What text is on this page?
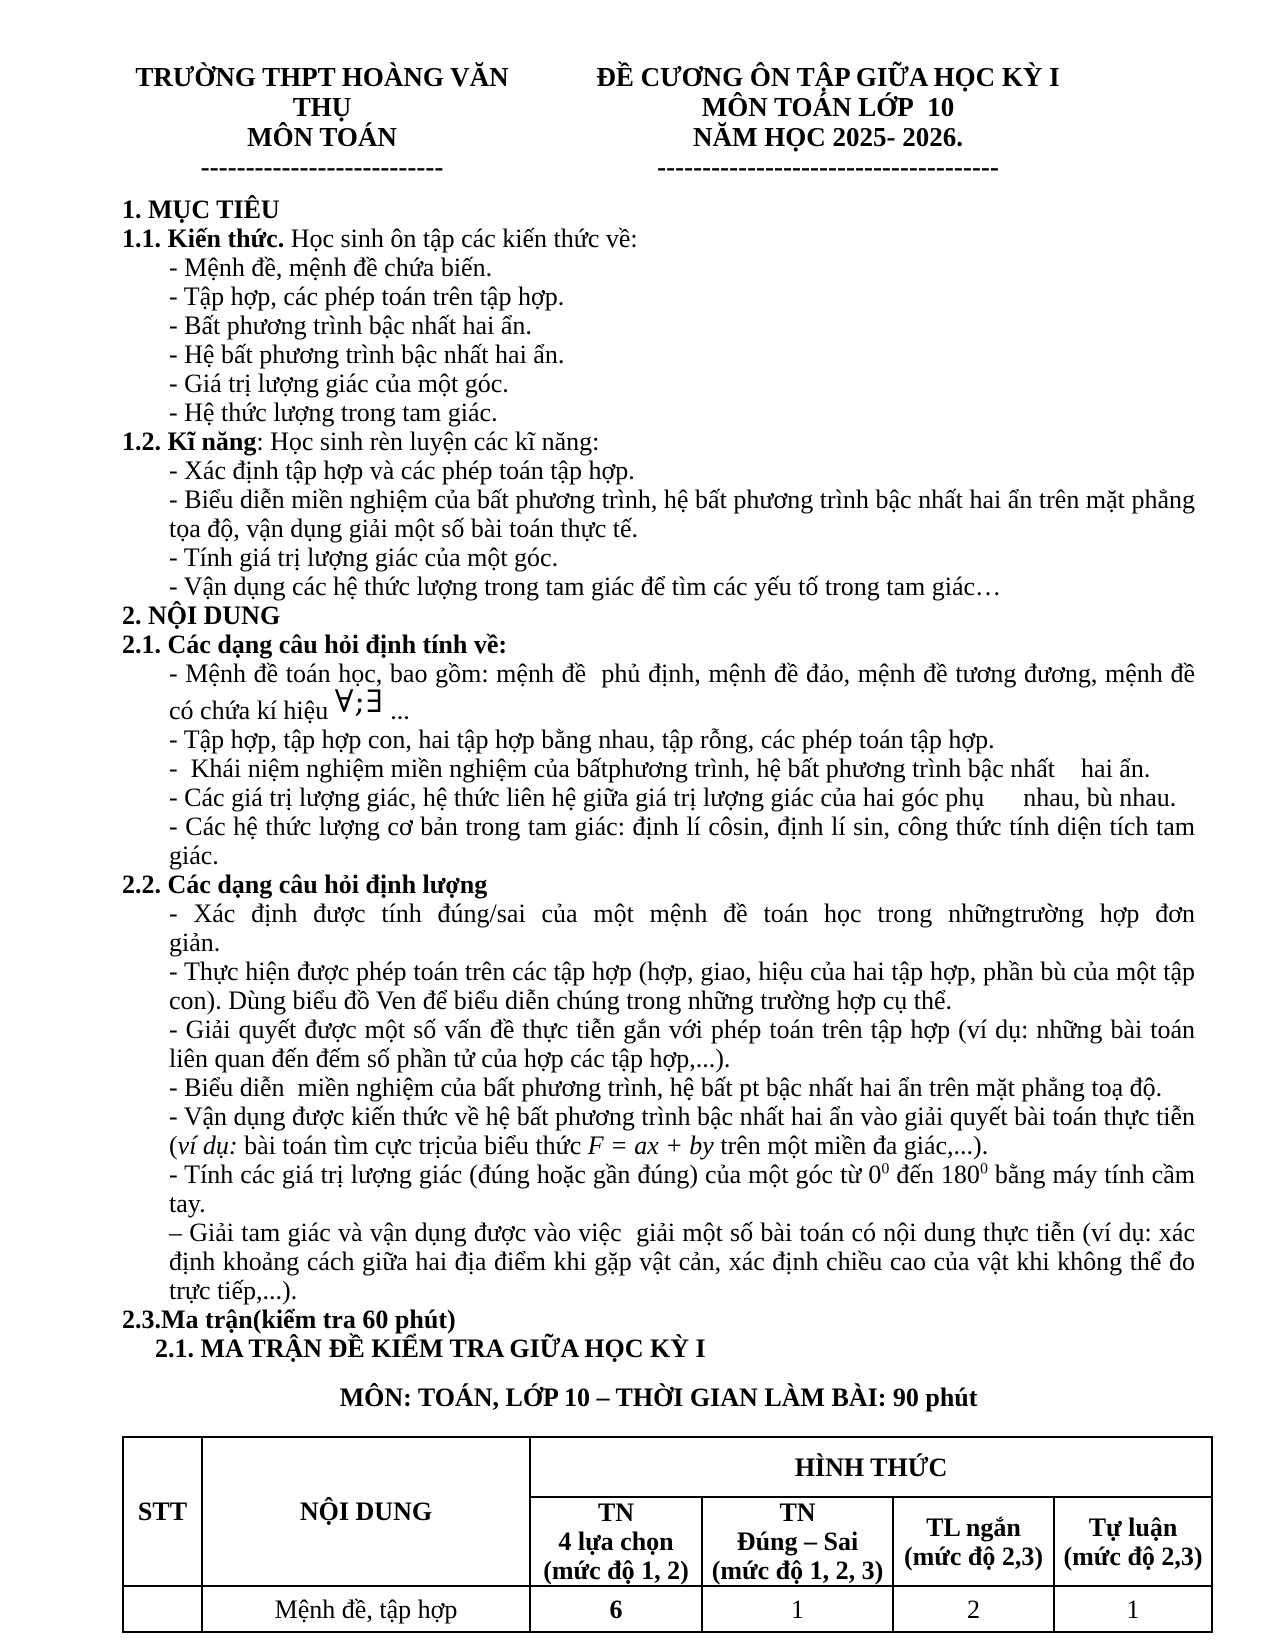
TRƯỜNG THPT HOÀNG VĂN THỤ
MÔN TOÁN
---------------------------
ĐỀ CƯƠNG ÔN TẬP GIỮA HỌC KỲ I
MÔN TOÁN LỚP  10
NĂM HỌC 2025- 2026.
--------------------------------------

1. MỤC TIÊU

1.1. Kiến thức. Học sinh ôn tập các kiến thức về:

- Mệnh đề, mệnh đề chứa biến.

- Tập hợp, các phép toán trên tập hợp.

- Bất phương trình bậc nhất hai ẩn.

- Hệ bất phương trình bậc nhất hai ẩn.

- Giá trị lượng giác của một góc.

- Hệ thức lượng trong tam giác.

1.2. Kĩ năng: Học sinh rèn luyện các kĩ năng:

- Xác định tập hợp và các phép toán tập hợp.

- Biểu diễn miền nghiệm của bất phương trình, hệ bất phương trình bậc nhất hai ẩn trên mặt phẳng tọa độ, vận dụng giải một số bài toán thực tế.

- Tính giá trị lượng giác của một góc.

- Vận dụng các hệ thức lượng trong tam giác để tìm các yếu tố trong tam giác…

2. NỘI DUNG

2.1. Các dạng câu hỏi định tính về:

- Mệnh đề toán học, bao gồm: mệnh đề  phủ định, mệnh đề đảo, mệnh đề tương đương, mệnh đề có chứa kí hiệu ∀;∃ ...

- Tập hợp, tập hợp con, hai tập hợp bằng nhau, tập rỗng, các phép toán tập hợp.

-  Khái niệm nghiệm miền nghiệm của bấtphương trình, hệ bất phương trình bậc nhất    hai ẩn.

- Các giá trị lượng giác, hệ thức liên hệ giữa giá trị lượng giác của hai góc phụ      nhau, bù nhau.

- Các hệ thức lượng cơ bản trong tam giác: định lí côsin, định lí sin, công thức tính diện tích tam giác.

2.2. Các dạng câu hỏi định lượng

- Xác định được tính đúng/sai của một mệnh đề toán học trong nhữngtrường hợp đơn giản.

- Thực hiện được phép toán trên các tập hợp (hợp, giao, hiệu của hai tập hợp, phần bù của một tập con). Dùng biểu đồ Ven để biểu diễn chúng trong những trường hợp cụ thể.

- Giải quyết được một số vấn đề thực tiễn gắn với phép toán trên tập hợp (ví dụ: những bài toán liên quan đến đếm số phần tử của hợp các tập hợp,...).

- Biểu diễn  miền nghiệm của bất phương trình, hệ bất pt bậc nhất hai ẩn trên mặt phẳng toạ độ.

- Vận dụng được kiến thức về hệ bất phương trình bậc nhất hai ẩn vào giải quyết bài toán thực tiễn (ví dụ: bài toán tìm cực trịcủa biểu thức F = ax + by trên một miền đa giác,...).

- Tính các giá trị lượng giác (đúng hoặc gần đúng) của một góc từ $0^0$ đến $180^0$ bằng máy tính cầm tay.

– Giải tam giác và vận dụng được vào việc  giải một số bài toán có nội dung thực tiễn (ví dụ: xác định khoảng cách giữa hai địa điểm khi gặp vật cản, xác định chiều cao của vật khi không thể đo trực tiếp,...).

2.3.Ma trận(kiểm tra 60 phút)

2.1. MA TRẬN ĐỀ KIỂM TRA GIỮA HỌC KỲ I

MÔN: TOÁN, LỚP 10 – THỜI GIAN LÀM BÀI: 90 phút

STT	NỘI DUNG	HÌNH THỨC			

		TN
4 lựa chọn
(mức độ 1, 2)	TN
Đúng – Sai
(mức độ 1, 2, 3)	TL ngắn
(mức độ 2,3)	Tự luận
(mức độ 2,3)

	Mệnh đề, tập hợp	6	1	2	1
